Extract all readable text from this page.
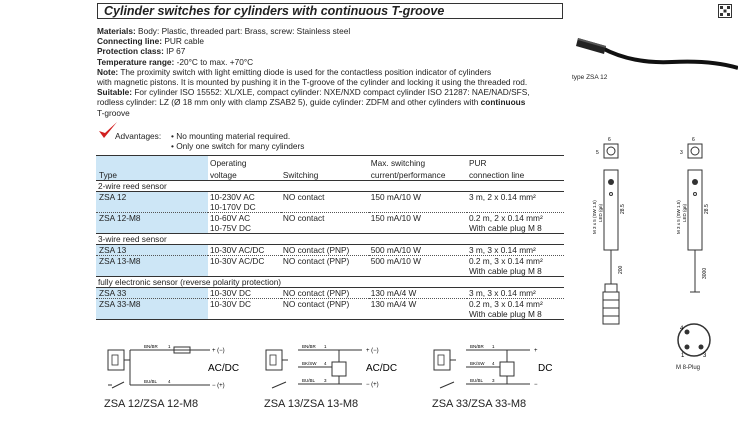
Cylinder switches for cylinders with continuous T-groove
Materials: Body: Plastic, threaded part: Brass, screw: Stainless steel
Connecting line: PUR cable
Protection class: IP 67
Temperature range: -20°C to max. +70°C
Note: The proximity switch with light emitting diode is used for the contactless position indicator of cylinders
with magnetic pistons. It is mounted by pushing it in the T-groove of the cylinder and locking it using the threaded rod.
Suitable: For cylinder ISO 15552: XL/XLE, compact cylinder: NXE/NXD compact cylinder ISO 21287: NAE/NAD/SFS,
rodless cylinder: LZ (Ø 18 mm only with clamp ZSAB2 5), guide cylinder: ZDFM and other cylinders with continuous
T-groove
Advantages: • No mounting material required.
• Only one switch for many cylinders
	Operating		Max. switching	PUR
Type	voltage	Switching	current/performance	connection line
2-wire reed sensor				
ZSA 12	10-230V AC	NO contact	150 mA/10 W	3 m, 2 x 0.14 mm²
	10-170V DC			
ZSA 12-M8	10-60V AC	NO contact	150 mA/10 W	0.2 m, 2 x 0.14 mm²
	10-75V DC			With cable plug M 8
3-wire reed sensor				
ZSA 13	10-30V AC/DC	NO contact (PNP)	500 mA/10 W	3 m, 3 x 0.14 mm²
ZSA 13-M8	10-30V AC/DC	NO contact (PNP)	500 mA/10 W	0.2 m, 3 x 0.14 mm²
				With cable plug M 8
fully electronic sensor (reverse polarity protection)				
ZSA 33	10-30V DC	NO contact (PNP)	130 mA/4 W	3 m, 3 x 0.14 mm²
ZSA 33-M8	10-30V DC	NO contact (PNP)	130 mA/4 W	0.2 m, 3 x 0.14 mm²
				With cable plug M 8
BN/BR 1
+ (−)
BU/BL 4
− (+)
AC/DC
ZSA 12/ZSA 12-M8
BN/BR 1
BK/SW 4
BU/BL 3
+ (−)
− (+)
AC/DC
ZSA 13/ZSA 13-M8
BN/BR 1
BK/SW 4
BU/BL 3
+
−
DC
ZSA 33/ZSA 33-M8
type ZSA 12
6
5
28.5
M 3 x 5 (SW 1.5) LED (gn)
200
6
3
28.5
M 3 x 5 (SW 1.5) LED (gn)
3000
4
1	3
M 8-Plug
